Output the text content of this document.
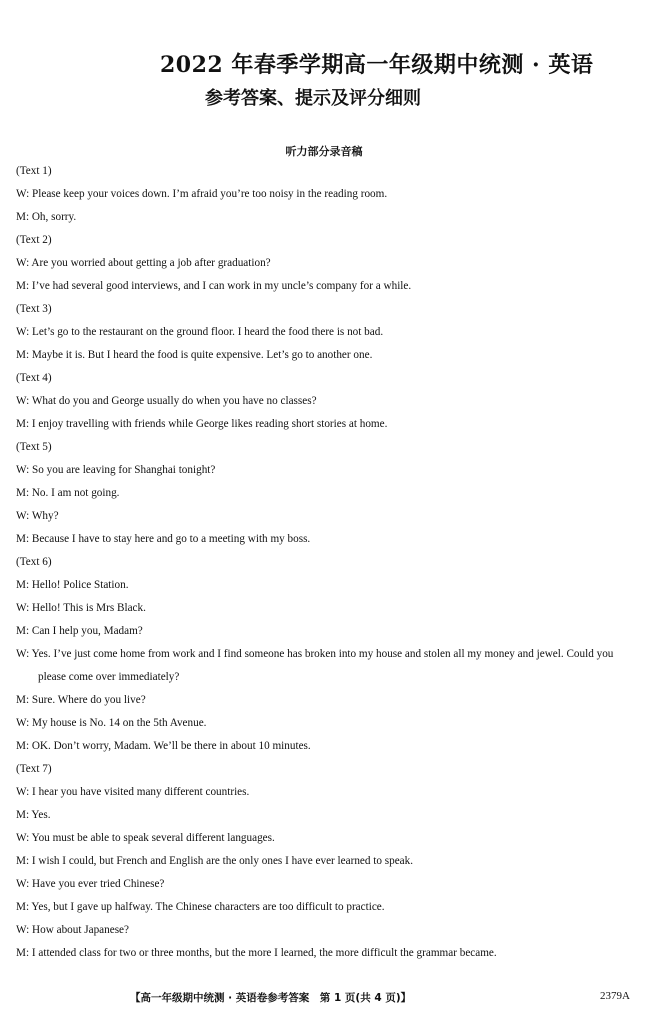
2022 年春季学期高一年级期中统测 · 英语
参考答案、提示及评分细则
听力部分录音稿
(Text 1)
W: Please keep your voices down. I’m afraid you’re too noisy in the reading room.
M: Oh, sorry.
(Text 2)
W: Are you worried about getting a job after graduation?
M: I’ve had several good interviews, and I can work in my uncle’s company for a while.
(Text 3)
W: Let’s go to the restaurant on the ground floor. I heard the food there is not bad.
M: Maybe it is. But I heard the food is quite expensive. Let’s go to another one.
(Text 4)
W: What do you and George usually do when you have no classes?
M: I enjoy travelling with friends while George likes reading short stories at home.
(Text 5)
W: So you are leaving for Shanghai tonight?
M: No. I am not going.
W: Why?
M: Because I have to stay here and go to a meeting with my boss.
(Text 6)
M: Hello! Police Station.
W: Hello! This is Mrs Black.
M: Can I help you, Madam?
W: Yes. I’ve just come home from work and I find someone has broken into my house and stolen all my money and jewel. Could you please come over immediately?
M: Sure. Where do you live?
W: My house is No. 14 on the 5th Avenue.
M: OK. Don’t worry, Madam. We’ll be there in about 10 minutes.
(Text 7)
W: I hear you have visited many different countries.
M: Yes.
W: You must be able to speak several different languages.
M: I wish I could, but French and English are the only ones I have ever learned to speak.
W: Have you ever tried Chinese?
M: Yes, but I gave up halfway. The Chinese characters are too difficult to practice.
W: How about Japanese?
M: I attended class for two or three months, but the more I learned, the more difficult the grammar became.
【高一年级期中统测 · 英语卷参考答案　第 1 页(共 4 页)】	2379A
